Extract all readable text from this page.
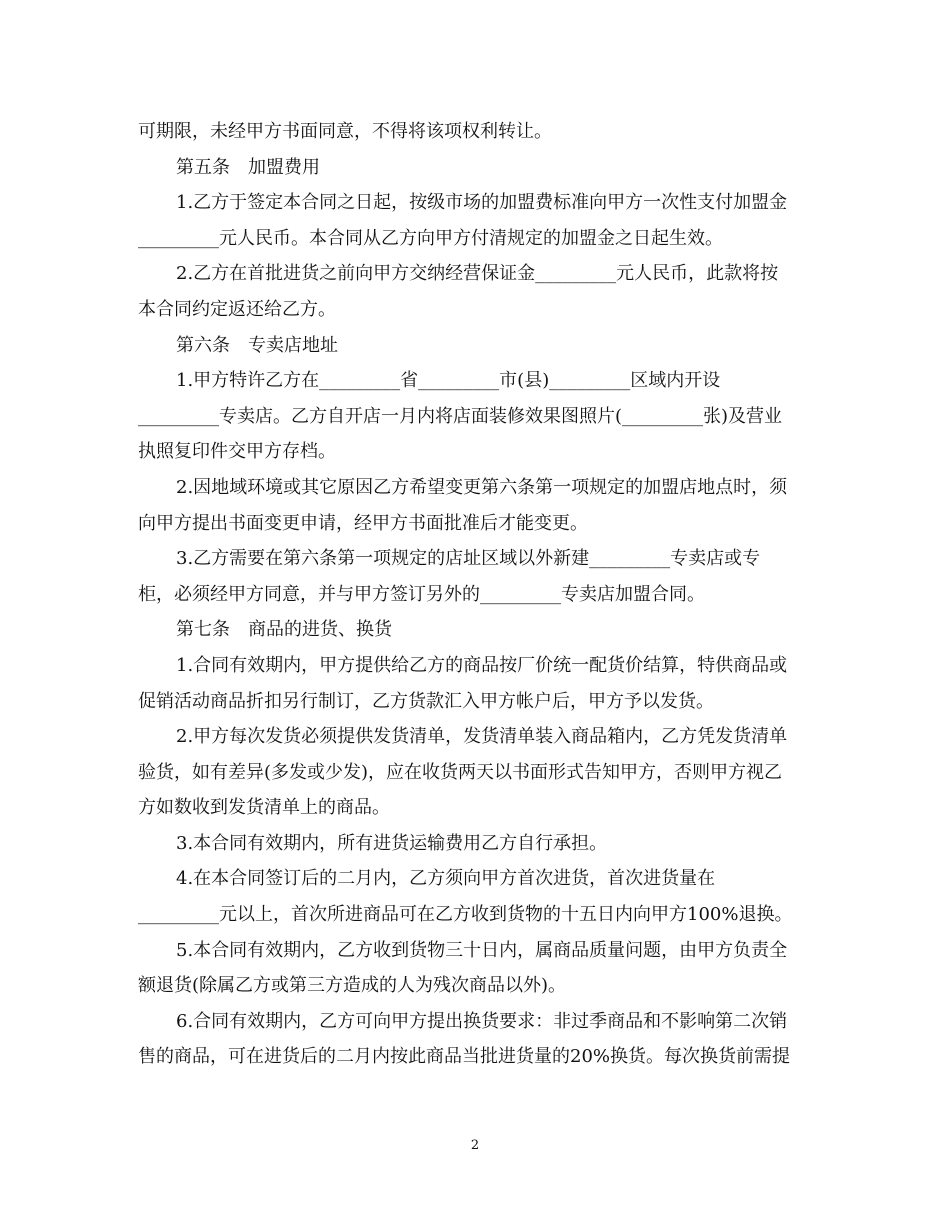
可期限，未经甲方书面同意，不得将该项权利转让。
第五条　加盟费用
1.乙方于签定本合同之日起，按级市场的加盟费标准向甲方一次性支付加盟金
_________元人民币。本合同从乙方向甲方付清规定的加盟金之日起生效。
2.乙方在首批进货之前向甲方交纳经营保证金_________元人民币，此款将按
本合同约定返还给乙方。
第六条　专卖店地址
1.甲方特许乙方在_________省_________市(县)_________区域内开设
_________专卖店。乙方自开店一月内将店面装修效果图照片(_________张)及营业
执照复印件交甲方存档。
2.因地域环境或其它原因乙方希望变更第六条第一项规定的加盟店地点时，须
向甲方提出书面变更申请，经甲方书面批准后才能变更。
3.乙方需要在第六条第一项规定的店址区域以外新建_________专卖店或专
柜，必须经甲方同意，并与甲方签订另外的_________专卖店加盟合同。
第七条　商品的进货、换货
1.合同有效期内，甲方提供给乙方的商品按厂价统一配货价结算，特供商品或
促销活动商品折扣另行制订，乙方货款汇入甲方帐户后，甲方予以发货。
2.甲方每次发货必须提供发货清单，发货清单装入商品箱内，乙方凭发货清单
验货，如有差异(多发或少发)，应在收货两天以书面形式告知甲方，否则甲方视乙
方如数收到发货清单上的商品。
3.本合同有效期内，所有进货运输费用乙方自行承担。
4.在本合同签订后的二月内，乙方须向甲方首次进货，首次进货量在
_________元以上，首次所进商品可在乙方收到货物的十五日内向甲方100%退换。
5.本合同有效期内，乙方收到货物三十日内，属商品质量问题，由甲方负责全
额退货(除属乙方或第三方造成的人为残次商品以外)。
6.合同有效期内，乙方可向甲方提出换货要求：非过季商品和不影响第二次销
售的商品，可在进货后的二月内按此商品当批进货量的20%换货。每次换货前需提
2
